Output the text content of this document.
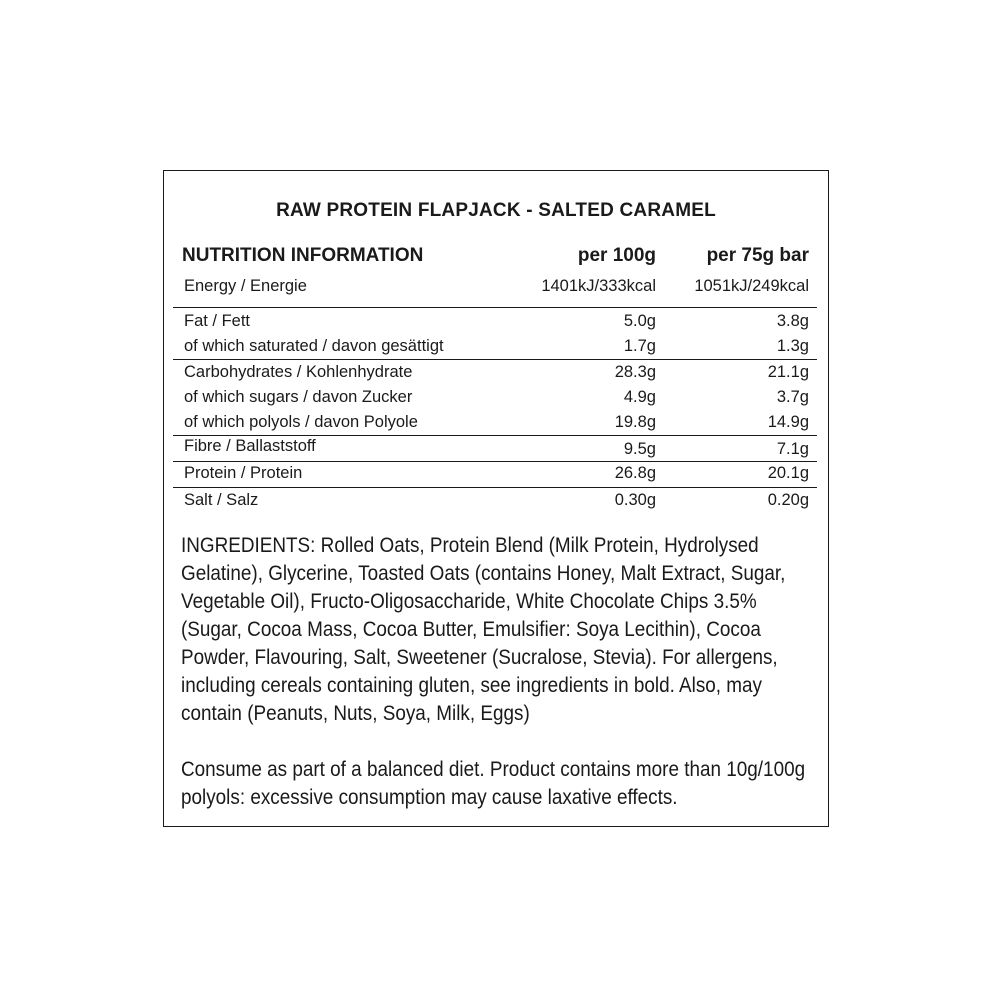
RAW PROTEIN FLAPJACK - SALTED CARAMEL
NUTRITION INFORMATION	per 100g	per 75g bar
Energy / Energie	1401kJ/333kcal 1051kJ/249kcal
Fat / Fett	5.0g	3.8g
of which saturated / davon gesättigt	1.7g	1.3g
Carbohydrates / Kohlenhydrate	28.3g	21.1g
of which sugars / davon Zucker	4.9g	3.7g
of which polyols / davon Polyole	19.8g	14.9g
Fibre / Ballaststoff	9.5g	7.1g
Protein / Protein	26.8g	20.1g
Salt / Salz	0.30g	0.20g
INGREDIENTS: Rolled Oats, Protein Blend (Milk Protein, Hydrolysed Gelatine), Glycerine, Toasted Oats (contains Honey, Malt Extract, Sugar, Vegetable Oil), Fructo-Oligosaccharide, White Chocolate Chips 3.5% (Sugar, Cocoa Mass, Cocoa Butter, Emulsifier: Soya Lecithin), Cocoa Powder, Flavouring, Salt, Sweetener (Sucralose, Stevia). For allergens, including cereals containing gluten, see ingredients in bold. Also, may contain (Peanuts, Nuts, Soya, Milk, Eggs)
Consume as part of a balanced diet. Product contains more than 10g/100g polyols: excessive consumption may cause laxative effects.
